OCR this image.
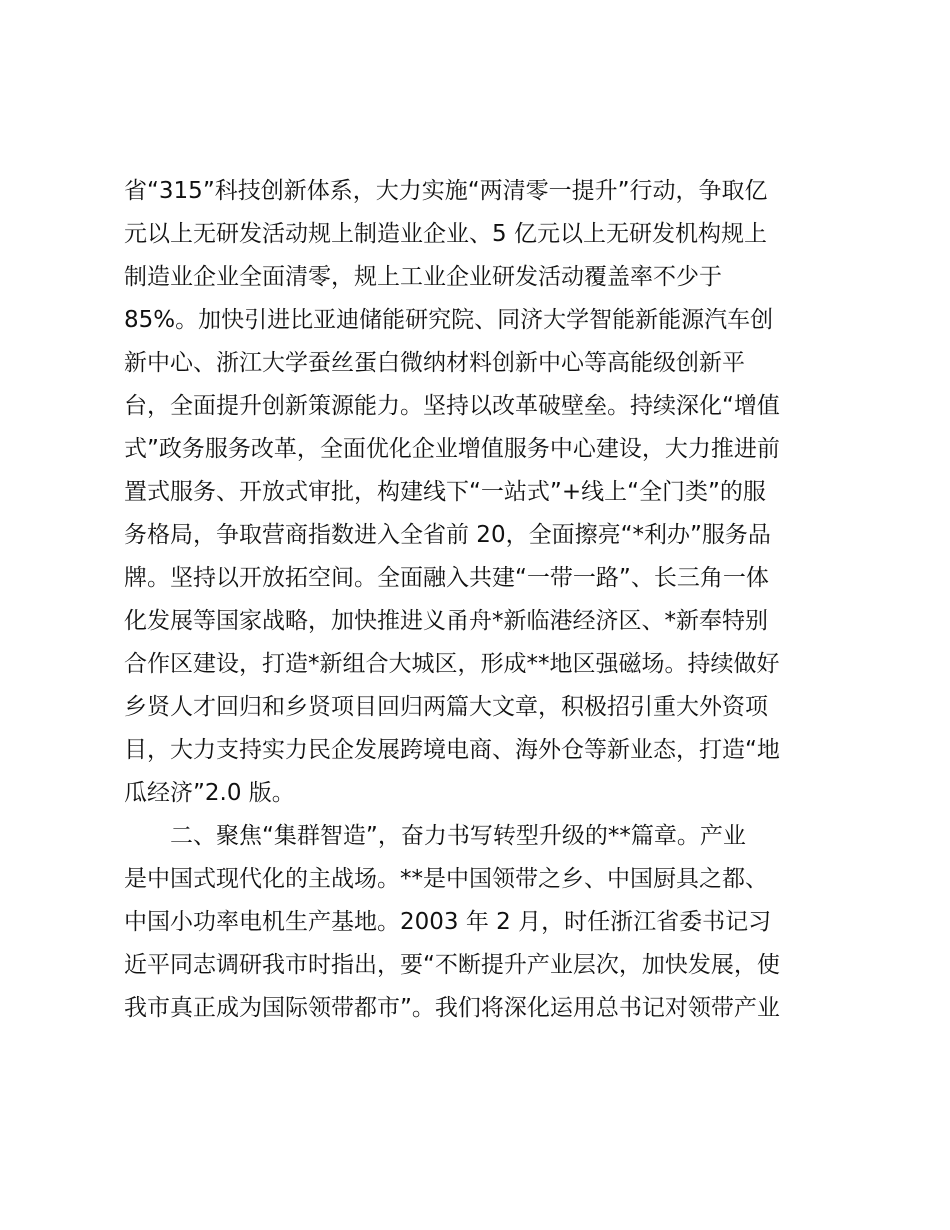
省“315”科技创新体系，大力实施“两清零一提升”行动，争取亿
元以上无研发活动规上制造业企业、5 亿元以上无研发机构规上
制造业企业全面清零，规上工业企业研发活动覆盖率不少于
85%。加快引进比亚迪储能研究院、同济大学智能新能源汽车创
新中心、浙江大学蚕丝蛋白微纳材料创新中心等高能级创新平
台，全面提升创新策源能力。坚持以改革破壁垒。持续深化“增值
式”政务服务改革，全面优化企业增值服务中心建设，大力推进前
置式服务、开放式审批，构建线下“一站式”+线上“全门类”的服
务格局，争取营商指数进入全省前 20，全面擦亮“*利办”服务品
牌。坚持以开放拓空间。全面融入共建“一带一路”、长三角一体
化发展等国家战略，加快推进义甬舟*新临港经济区、*新奉特别
合作区建设，打造*新组合大城区，形成**地区强磁场。持续做好
乡贤人才回归和乡贤项目回归两篇大文章，积极招引重大外资项
目，大力支持实力民企发展跨境电商、海外仓等新业态，打造“地
瓜经济”2.0 版。
　　二、聚焦“集群智造”，奋力书写转型升级的**篇章。产业
是中国式现代化的主战场。**是中国领带之乡、中国厨具之都、
中国小功率电机生产基地。2003 年 2 月，时任浙江省委书记习
近平同志调研我市时指出，要“不断提升产业层次，加快发展，使
我市真正成为国际领带都市”。我们将深化运用总书记对领带产业
